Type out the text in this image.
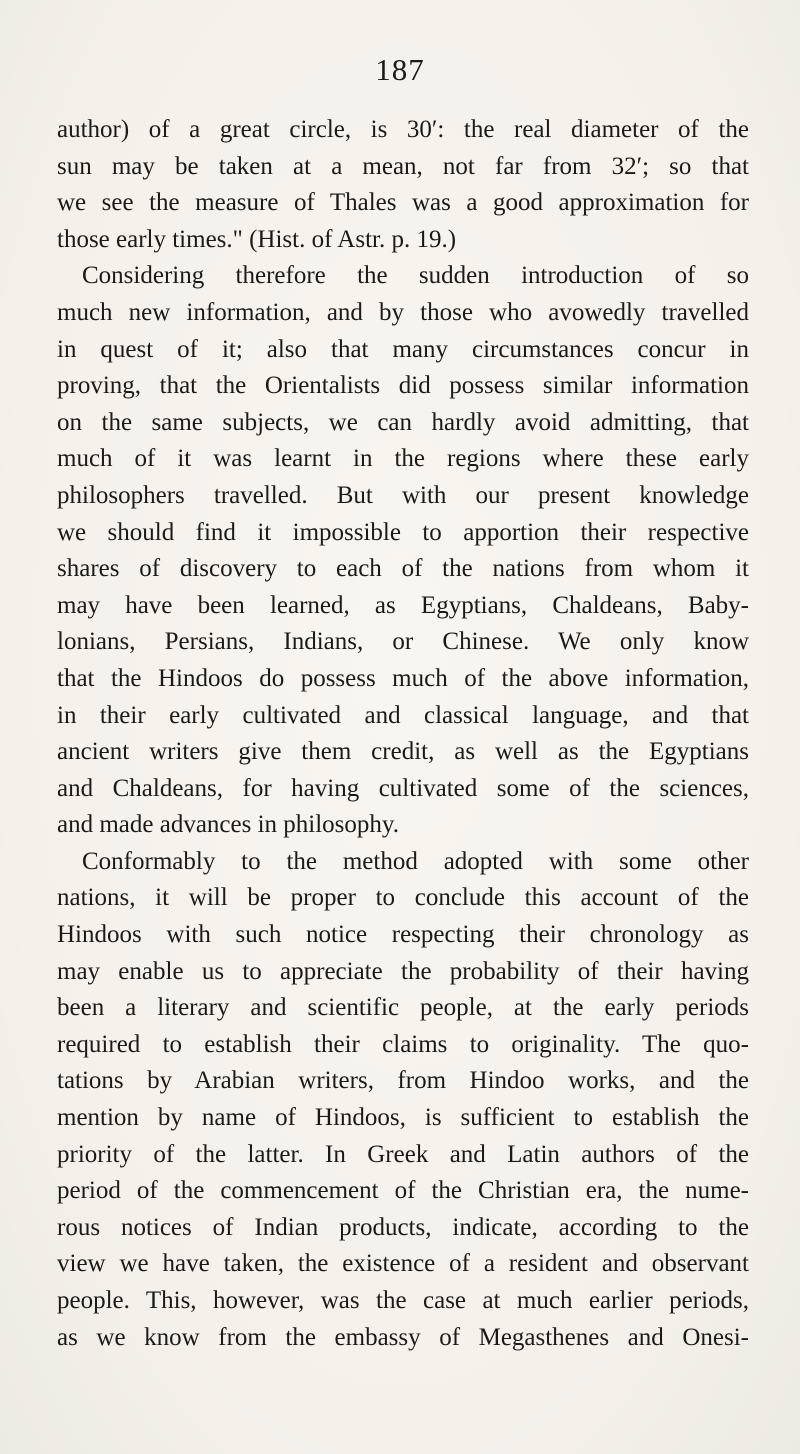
187
author) of a great circle, is 30′: the real diameter of the
sun may be taken at a mean, not far from 32′; so that
we see the measure of Thales was a good approximation for
those early times." (Hist. of Astr. p. 19.)
Considering therefore the sudden introduction of so
much new information, and by those who avowedly travelled
in quest of it; also that many circumstances concur in
proving, that the Orientalists did possess similar information
on the same subjects, we can hardly avoid admitting, that
much of it was learnt in the regions where these early
philosophers travelled. But with our present knowledge
we should find it impossible to apportion their respective
shares of discovery to each of the nations from whom it
may have been learned, as Egyptians, Chaldeans, Baby-
lonians, Persians, Indians, or Chinese. We only know
that the Hindoos do possess much of the above information,
in their early cultivated and classical language, and that
ancient writers give them credit, as well as the Egyptians
and Chaldeans, for having cultivated some of the sciences,
and made advances in philosophy.
Conformably to the method adopted with some other
nations, it will be proper to conclude this account of the
Hindoos with such notice respecting their chronology as
may enable us to appreciate the probability of their having
been a literary and scientific people, at the early periods
required to establish their claims to originality. The quo-
tations by Arabian writers, from Hindoo works, and the
mention by name of Hindoos, is sufficient to establish the
priority of the latter. In Greek and Latin authors of the
period of the commencement of the Christian era, the nume-
rous notices of Indian products, indicate, according to the
view we have taken, the existence of a resident and observant
people. This, however, was the case at much earlier periods,
as we know from the embassy of Megasthenes and Onesi-
